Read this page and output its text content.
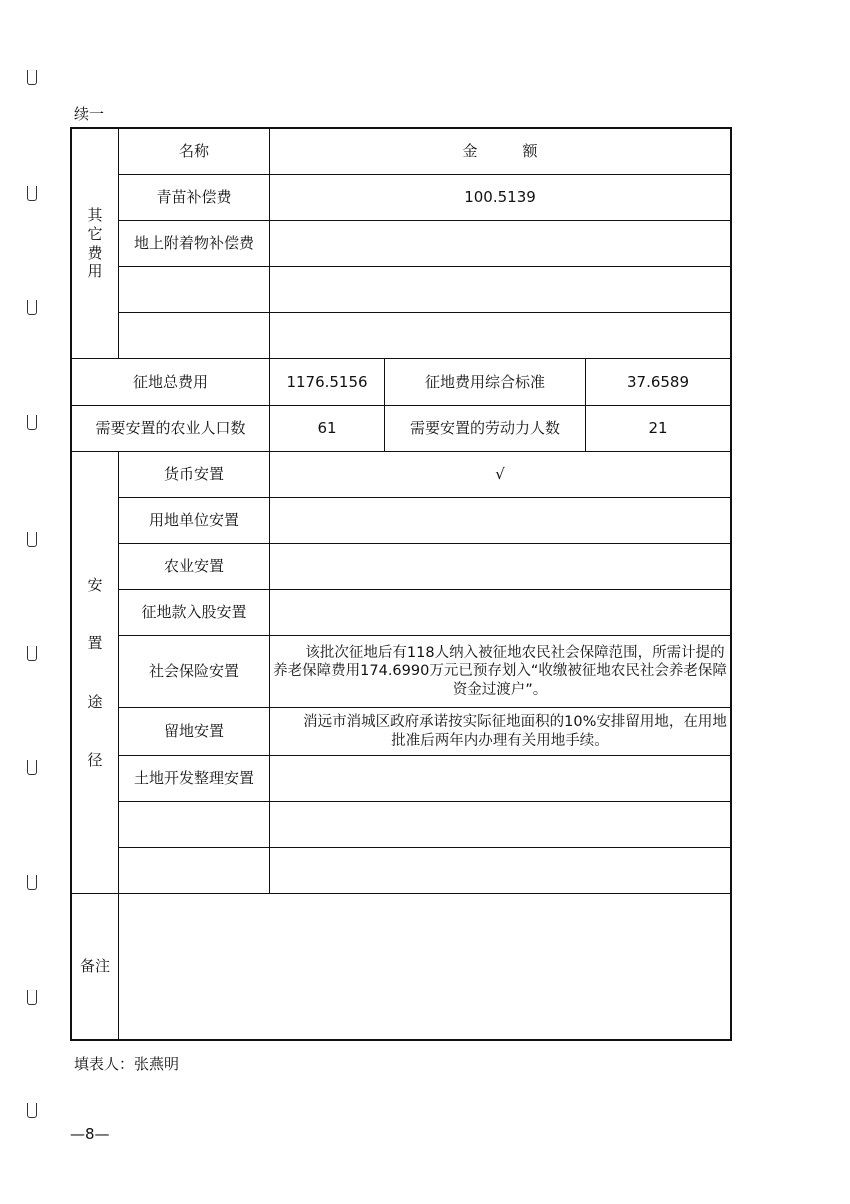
续一
其
它
费
用	名称	金　　　额		
	青苗补偿费	100.5139		
	地上附着物补偿费			

征地总费用		1176.5156	征地费用综合标准	37.6589
需要安置的农业人口数		61	需要安置的劳动力人数	21
安
置
途
径	货币安置	√		
	用地单位安置			
	农业安置			
	征地款入股安置			
	社会保险安置	该批次征地后有118人纳入被征地农民社会保障范围，所需计提的养老保障费用174.6990万元已预存划入“收缴被征地农民社会养老保障资金过渡户”。		
	留地安置	消远市消城区政府承诺按实际征地面积的10%安排留用地，在用地批准后两年内办理有关用地手续。		
	土地开发整理安置			

备注				
填表人：张燕明
—8—
